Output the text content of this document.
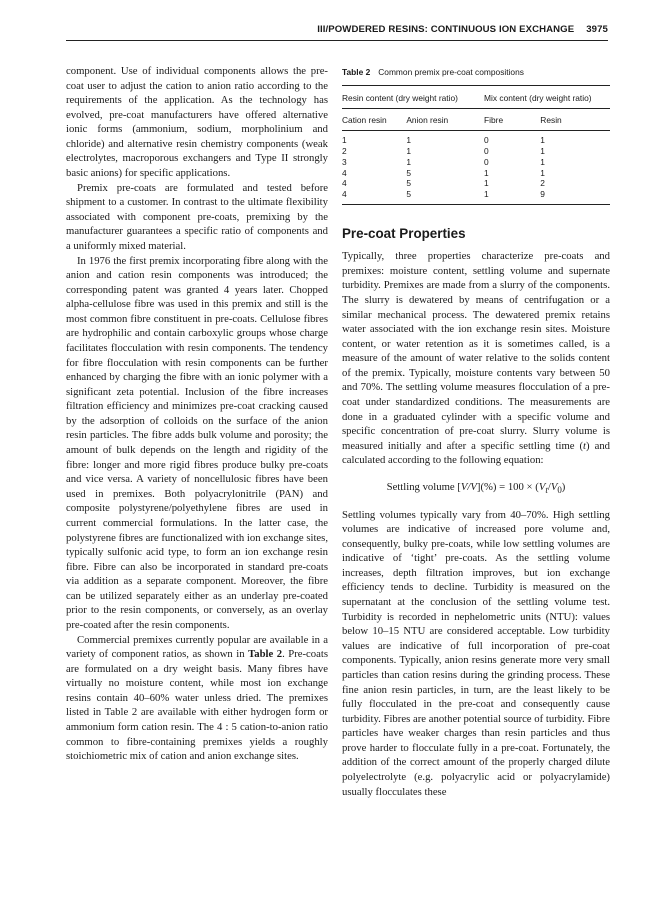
III/POWDERED RESINS: CONTINUOUS ION EXCHANGE 3975

component. Use of individual components allows the pre-coat user to adjust the cation to anion ratio according to the requirements of the application. As the technology has evolved, pre-coat manufacturers have offered alternative ionic forms (ammonium, sodium, morpholinium and chloride) and alternative resin chemistry components (weak electrolytes, macroporous exchangers and Type II strongly basic anions) for specific applications.

Premix pre-coats are formulated and tested before shipment to a customer. In contrast to the ultimate flexibility associated with component pre-coats, premixing by the manufacturer guarantees a specific ratio of components and a uniformly mixed material.

In 1976 the first premix incorporating fibre along with the anion and cation resin components was introduced; the corresponding patent was granted 4 years later. Chopped alpha-cellulose fibre was used in this premix and still is the most common fibre constituent in pre-coats. Cellulose fibres are hydrophilic and contain carboxylic groups whose charge facilitates flocculation with resin components. The tendency for fibre flocculation with resin components can be further enhanced by charging the fibre with an ionic polymer with a significant zeta potential. Inclusion of the fibre increases filtration efficiency and minimizes pre-coat cracking caused by the adsorption of colloids on the surface of the anion resin particles. The fibre adds bulk volume and porosity; the amount of bulk depends on the length and rigidity of the fibre: longer and more rigid fibres produce bulky pre-coats and vice versa. A variety of noncellulosic fibres have been used in premixes. Both polyacrylonitrile (PAN) and composite polystyrene/polyethylene fibres are used in current commercial formulations. In the latter case, the polystyrene fibres are functionalized with ion exchange sites, typically sulfonic acid type, to form an ion exchange resin fibre. Fibre can also be incorporated in standard pre-coats via addition as a separate component. Moreover, the fibre can be utilized separately either as an underlay pre-coated prior to the resin components, or conversely, as an overlay pre-coated after the resin components.

Commercial premixes currently popular are available in a variety of component ratios, as shown in Table 2. Pre-coats are formulated on a dry weight basis. Many fibres have virtually no moisture content, while most ion exchange resins contain 40–60% water unless dried. The premixes listed in Table 2 are available with either hydrogen form or ammonium form cation resin. The 4 : 5 cation-to-anion ratio common to fibre-containing premixes yields a roughly stoichiometric mix of cation and anion exchange sites.

Table 2 Common premix pre-coat compositions
Resin content (dry weight ratio)		Mix content (dry weight ratio)	
Cation resin	Anion resin	Fibre	Resin
1	1	0	1
2	1	0	1
3	1	0	1
4	5	1	1
4	5	1	2
4	5	1	9
Pre-coat Properties

Typically, three properties characterize pre-coats and premixes: moisture content, settling volume and supernate turbidity. Premixes are made from a slurry of the components. The slurry is dewatered by means of centrifugation or a similar mechanical process. The dewatered premix retains water associated with the ion exchange resin sites. Moisture content, or water retention as it is sometimes called, is a measure of the amount of water relative to the solids content of the premix. Typically, moisture contents vary between 50 and 70%. The settling volume measures flocculation of a pre-coat under standardized conditions. The measurements are done in a graduated cylinder with a specific volume and specific concentration of pre-coat slurry. Slurry volume is measured initially and after a specific settling time (t) and calculated according to the following equation:

Settling volume $[V/V](\%) = 100 \times (V_t/V_0)$

Settling volumes typically vary from 40–70%. High settling volumes are indicative of increased pore volume and, consequently, bulky pre-coats, while low settling volumes are indicative of ‘tight’ pre-coats. As the settling volume increases, depth filtration improves, but ion exchange efficiency tends to decline. Turbidity is measured on the supernatant at the conclusion of the settling volume test. Turbidity is recorded in nephelometric units (NTU): values below 10–15 NTU are considered acceptable. Low turbidity values are indicative of full incorporation of pre-coat components. Typically, anion resins generate more very small particles than cation resins during the grinding process. These fine anion resin particles, in turn, are the least likely to be fully flocculated in the pre-coat and consequently cause turbidity. Fibres are another potential source of turbidity. Fibre particles have weaker charges than resin particles and thus prove harder to flocculate fully in a pre-coat. Fortunately, the addition of the correct amount of the properly charged dilute polyelectrolyte (e.g. polyacrylic acid or polyacrylamide) usually flocculates these
